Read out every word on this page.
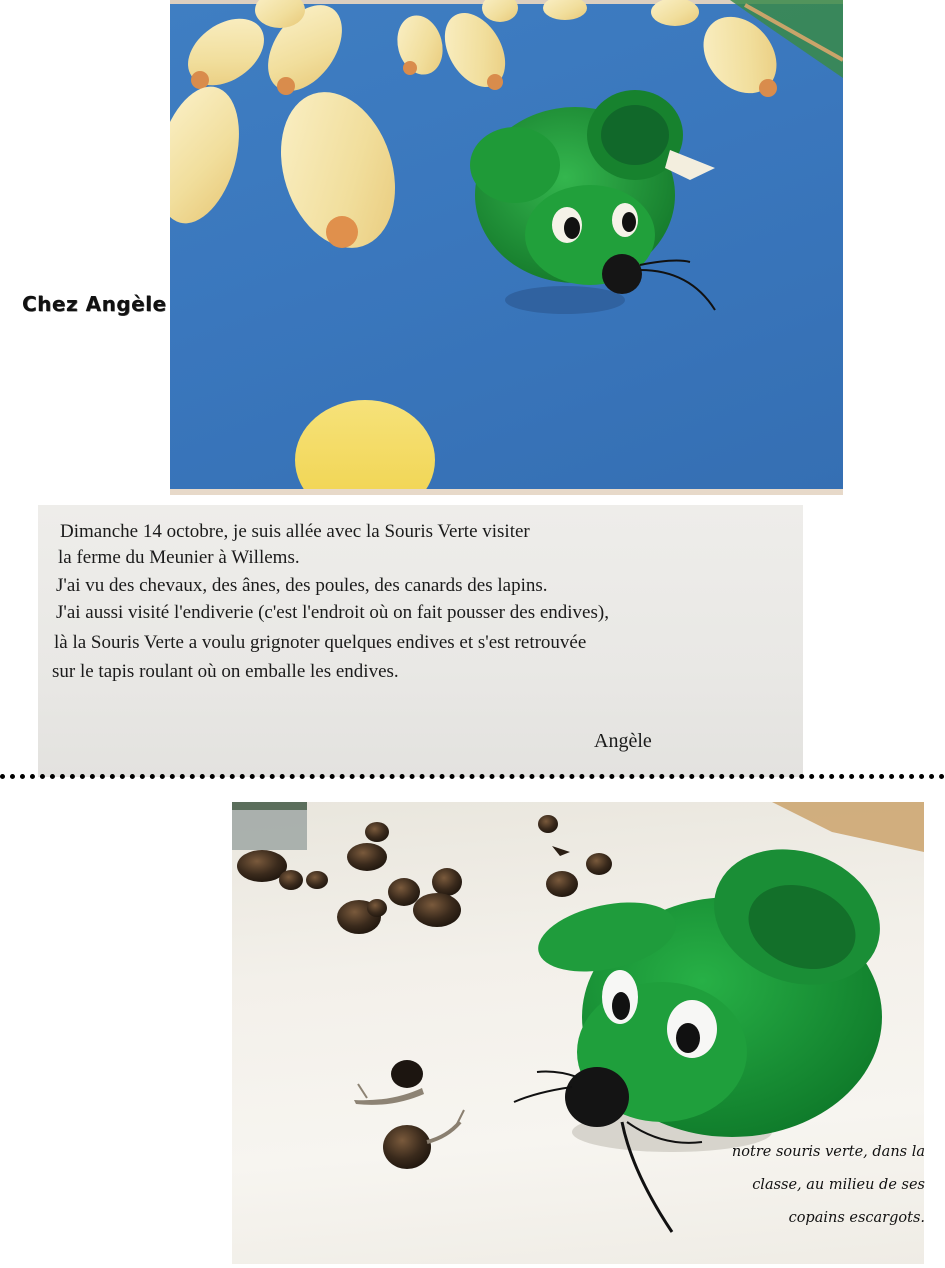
Chez Angèle
Dimanche 14 octobre, je suis allée avec la Souris Verte visiter
la ferme du Meunier à Willems.
J'ai vu des chevaux, des ânes, des poules, des canards des lapins.
J'ai aussi visité l'endiverie (c'est l'endroit où on fait pousser des endives),
là la Souris Verte a voulu grignoter quelques endives et s'est retrouvée
sur le tapis roulant où on emballe les endives.
Angèle
notre souris verte, dans la
classe, au milieu de ses
copains escargots.
